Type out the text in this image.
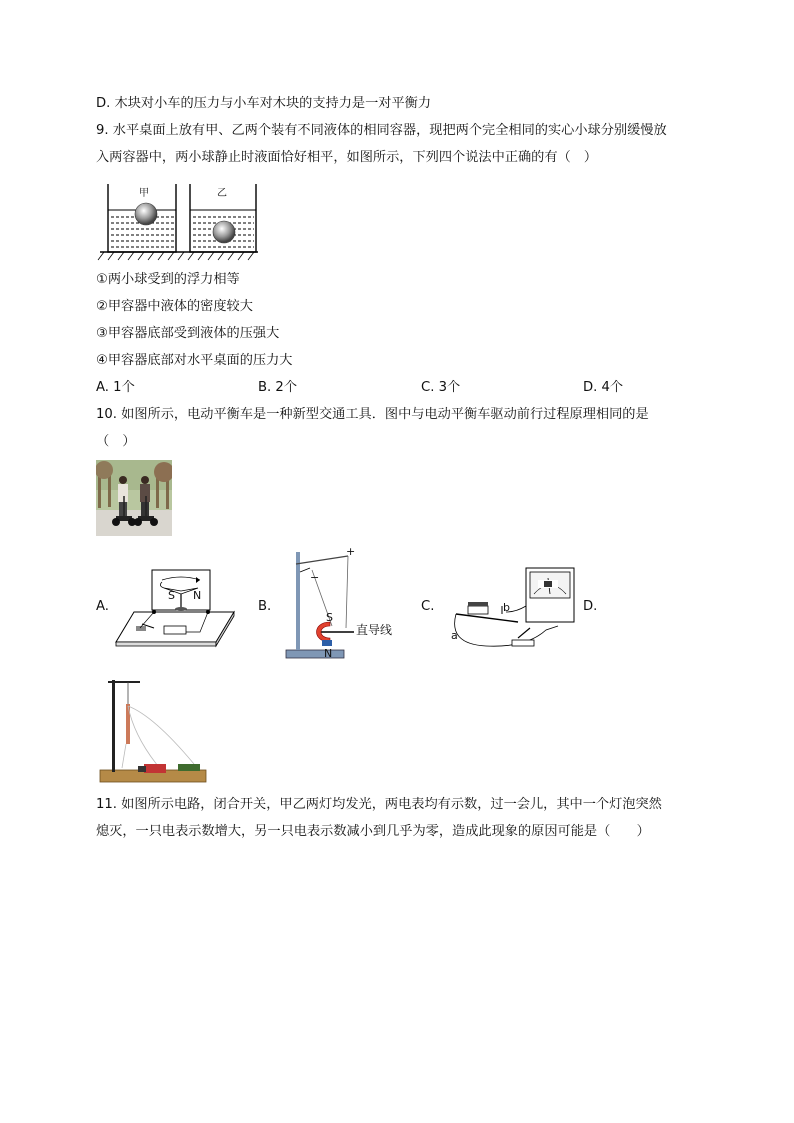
D. 木块对小车的压力与小车对木块的支持力是一对平衡力
9. 水平桌面上放有甲、乙两个装有不同液体的相同容器，现把两个完全相同的实心小球分别缓慢放
入两容器中，两小球静止时液面恰好相平，如图所示，下列四个说法中正确的有（　）
甲	乙
①两小球受到的浮力相等
②甲容器中液体的密度较大
③甲容器底部受到液体的压强大
④甲容器底部对水平桌面的压力大
A. 1个	B. 2个	C. 3个	D. 4个
10. 如图所示，电动平衡车是一种新型交通工具．图中与电动平衡车驱动前行过程原理相同的是
（　）
A.
S N
B.
+
−
S
N
直导线
C.
a
b	D.
11. 如图所示电路，闭合开关，甲乙两灯均发光，两电表均有示数，过一会儿，其中一个灯泡突然
熄灭，一只电表示数增大，另一只电表示数减小到几乎为零，造成此现象的原因可能是（　　）
